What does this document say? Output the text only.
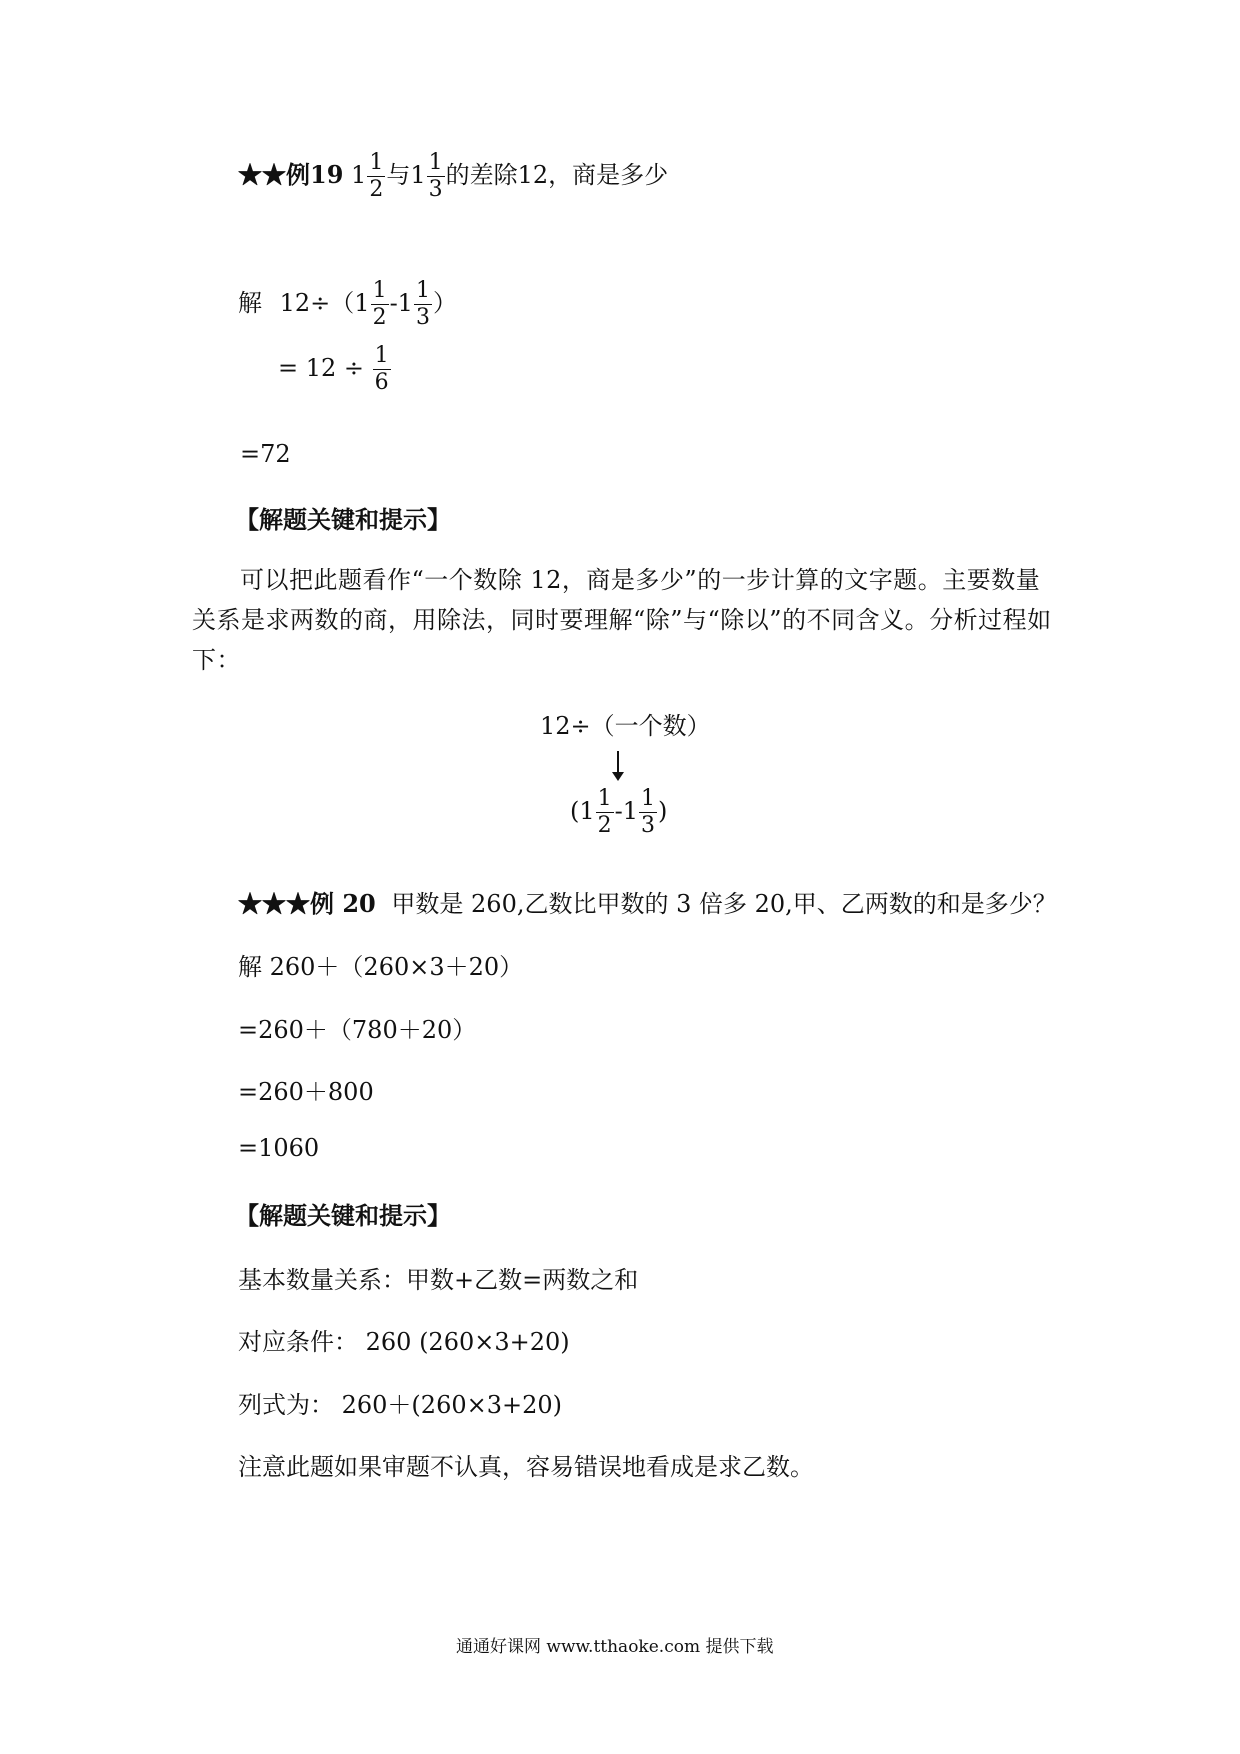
★★例19 $1 \frac{1}{2}$ 与$1 \frac{1}{3}$ 的差除12，商是多少
解 $12\div(1 \frac{1}{2} -1 \frac{1}{3}$ ）
= $12 \div \frac{1}{6}$
=72
【解题关键和提示】
可以把此题看作“一个数除 12，商是多少”的一步计算的文字题。主要数量关系是求两数的商，用除法，同时要理解“除”与“除以”的不同含义。分析过程如下：
12÷（一个数）
($1 \frac{1}{2} -1 \frac{1}{3}$ )
★★★例 20 甲数是 260,乙数比甲数的 3 倍多 20,甲、乙两数的和是多少？
解 260＋（260×3＋20）
=260＋（780＋20）
=260＋800
=1060
【解题关键和提示】
基本数量关系：甲数+乙数=两数之和
对应条件： 260 (260×3+20)
列式为： 260＋(260×3+20)
注意此题如果审题不认真，容易错误地看成是求乙数。
通通好课网 www.tthaoke.com 提供下载
